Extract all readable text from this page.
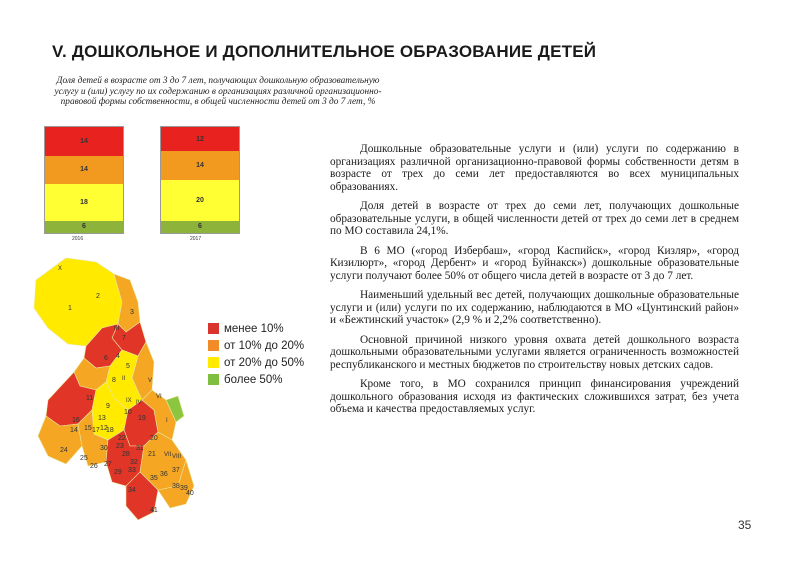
V. ДОШКОЛЬНОЕ И ДОПОЛНИТЕЛЬНОЕ ОБРАЗОВАНИЕ ДЕТЕЙ
Доля детей в возрасте от 3 до 7 лет, получающих дошкольную образовательную услугу и (или) услугу по их содержанию в организациях различной организационно-правовой формы собственности, в общей численности детей от 3 до 7 лет, %
6
18
14
14
2016
6
20
14
12
2017
1
2
3
4
5
6
7
8
9
10
11
12
13
14 15
16
17 18
19
20
21
22
23
24
25
26 27
28
29
30	31
32
33
34
35
36
37
38 39
40
41
X
III
II
IX IV
V
VI
I
VII VIII
менее 10%
от 10% до 20%
от 20% до 50%
более 50%

Дошкольные образовательные услуги и (или) услуги по содержанию в организациях различной организационно-правовой формы собственности детям в возрасте от трех до семи лет предоставляются во всех муниципальных образованиях.

Доля детей в возрасте от трех до семи лет, получающих дошкольные образовательные услуги, в общей численности детей от трех до семи лет в среднем по МО составила 24,1%.

В 6 МО («город Избербаш», «город Каспийск», «город Кизляр», «город Кизилюрт», «город Дербент» и «город Буйнакск») дошкольные образовательные услуги получают более 50% от общего числа детей в возрасте от 3 до 7 лет.

Наименьший удельный вес детей, получающих дошкольные образовательные услуги и (или) услуги по их содержанию, наблюдаются в МО «Цунтинский район» и «Бежтинский участок» (2,9 % и 2,2% соответственно).

Основной причиной низкого уровня охвата детей дошкольного возраста дошкольными образовательными услугами является ограниченность возможностей республиканского и местных бюджетов по строительству новых детских садов.

Кроме того, в МО сохранился принцип финансирования учреждений дошкольного образования исходя из фактических сложившихся затрат, без учета объема и качества предоставляемых услуг.

35
